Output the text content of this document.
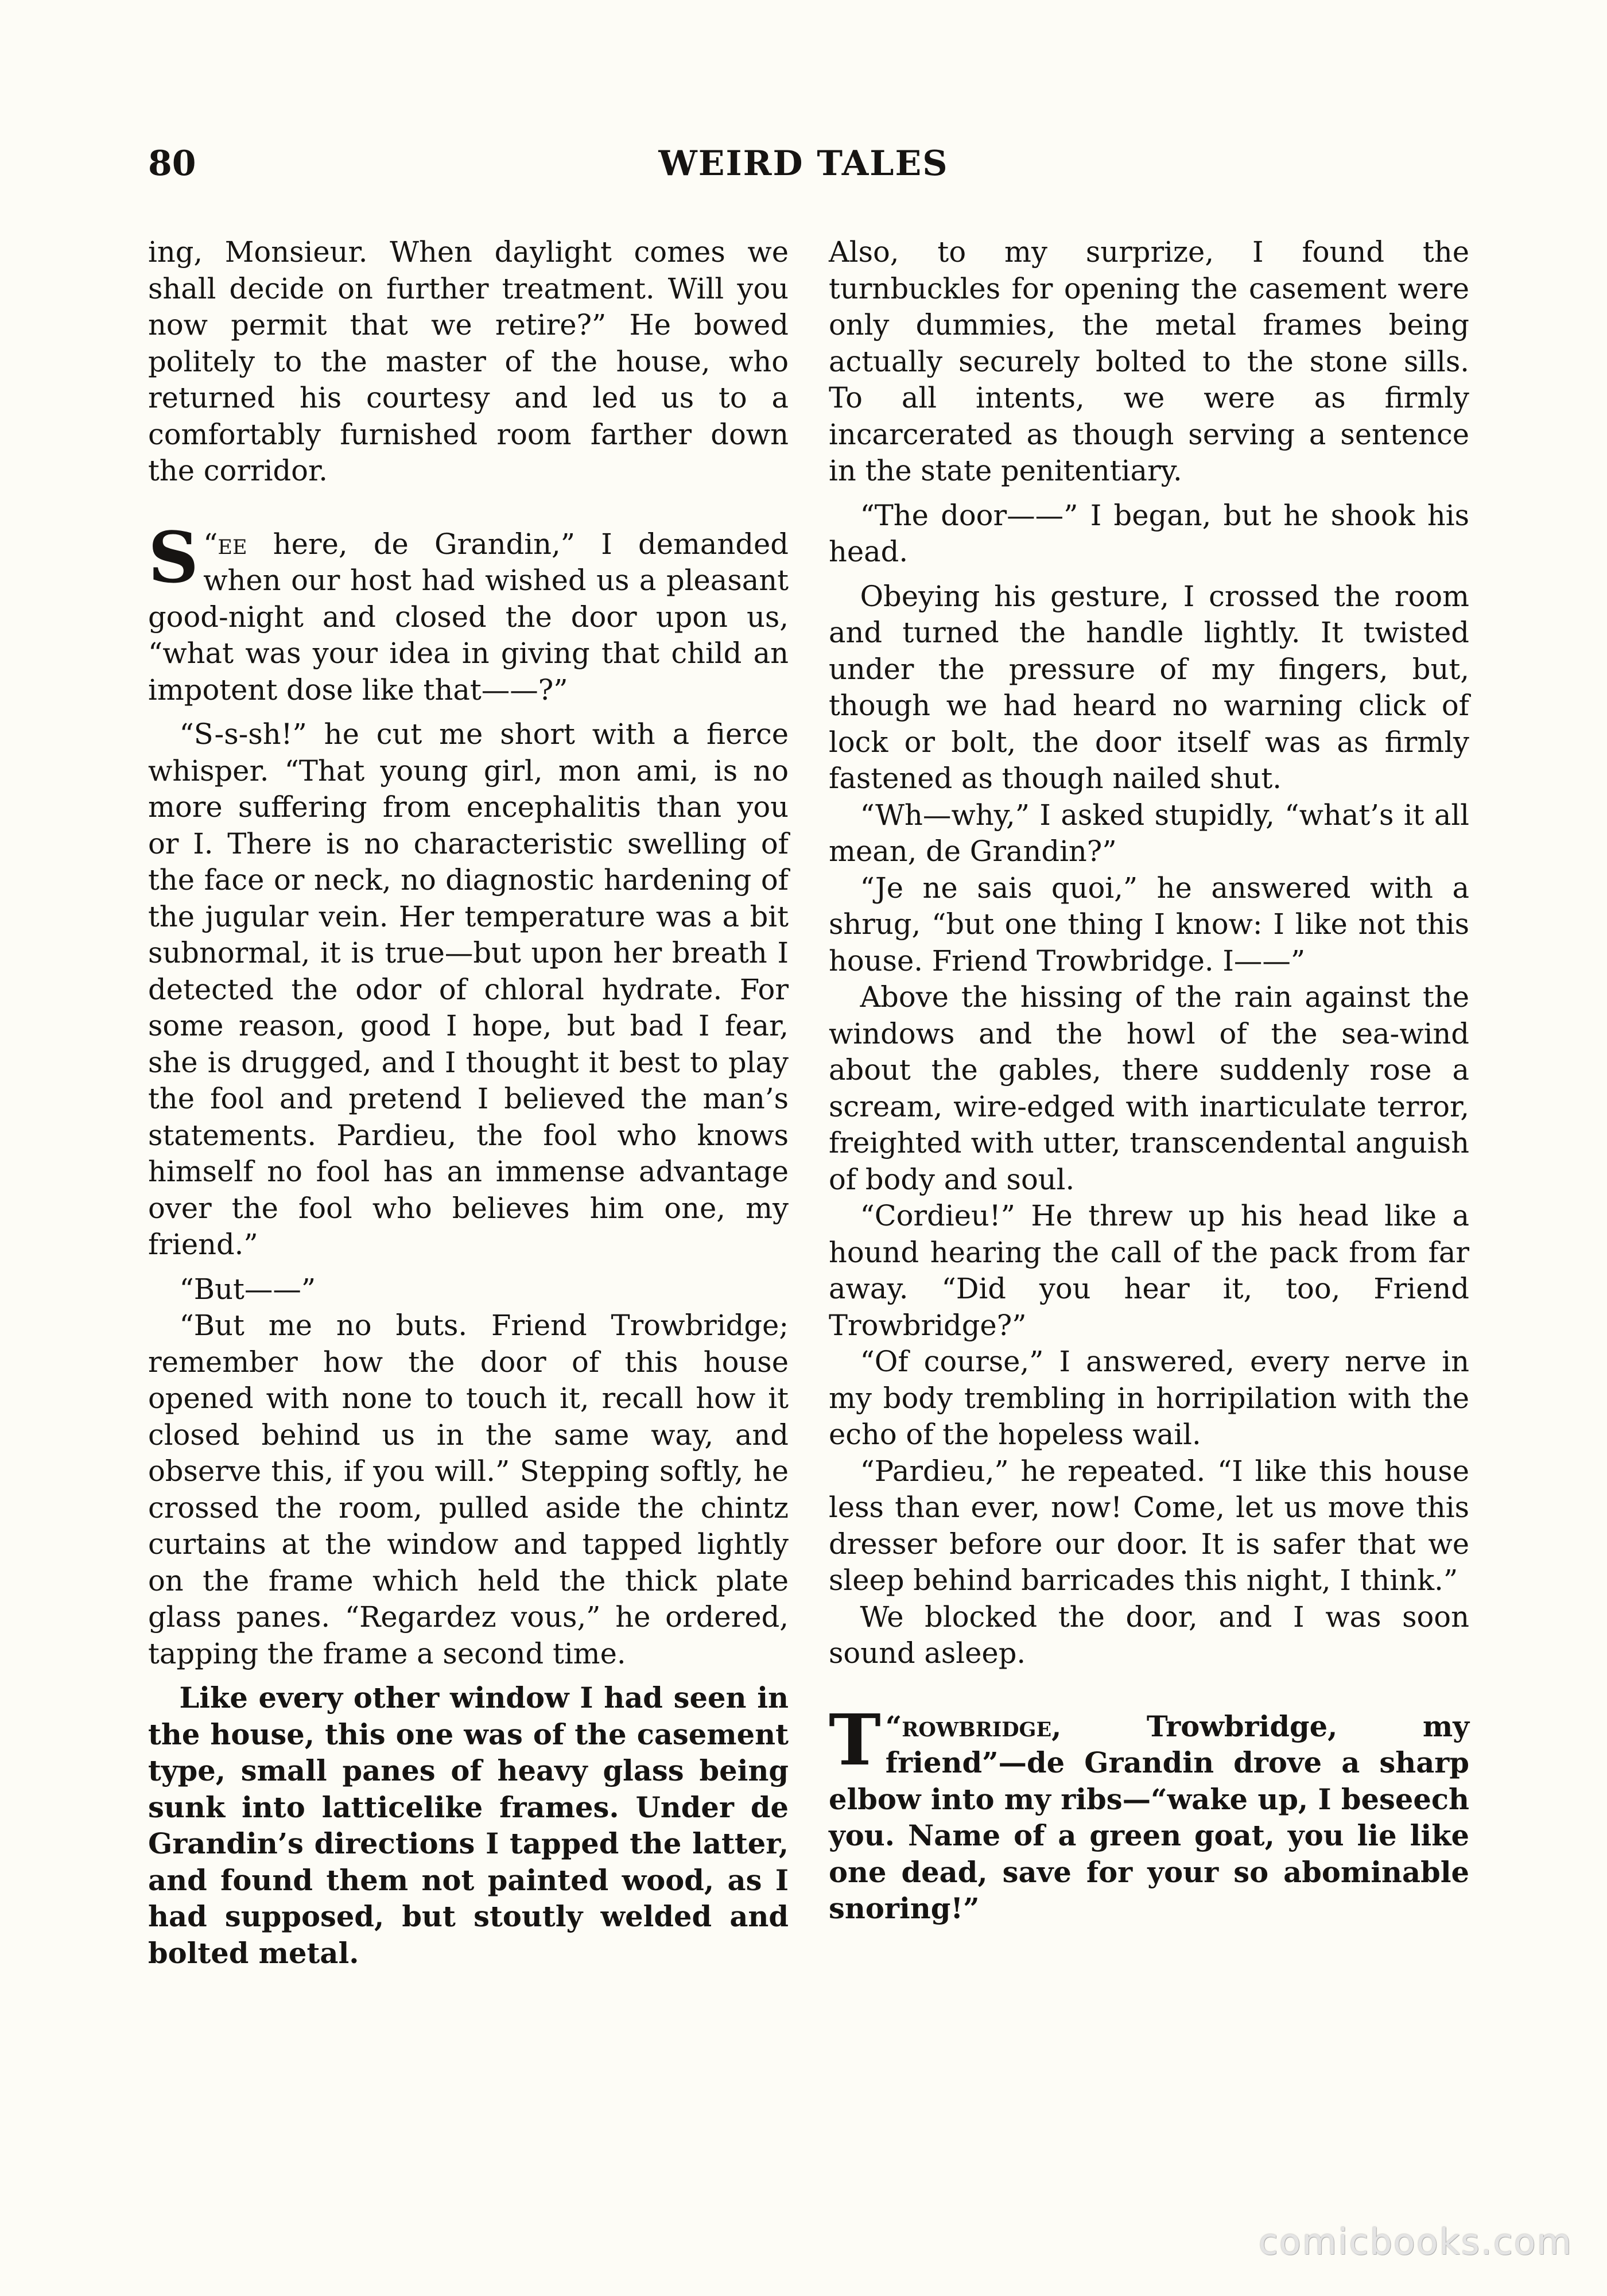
80	WEIRD TALES

ing, Monsieur. When daylight comes we shall decide on further treatment. Will you now permit that we retire?” He bowed politely to the master of the house, who returned his courtesy and led us to a comfortably furnished room farther down the corridor.

“
S ee here, de Grandin,” I demanded when our host had wished us a pleasant good-night and closed the door upon us, “what was your idea in giving that child an impotent dose like that——?”

“S-s-sh!” he cut me short with a fierce whisper. “That young girl, mon ami, is no more suffering from encephalitis than you or I. There is no characteristic swelling of the face or neck, no diagnostic hardening of the jugular vein. Her temperature was a bit subnormal, it is true—but upon her breath I detected the odor of chloral hydrate. For some reason, good I hope, but bad I fear, she is drugged, and I thought it best to play the fool and pretend I believed the man’s statements. Pardieu, the fool who knows himself no fool has an immense advantage over the fool who believes him one, my friend.”

“But——”

“But me no buts. Friend Trowbridge; remember how the door of this house opened with none to touch it, recall how it closed behind us in the same way, and observe this, if you will.” Stepping softly, he crossed the room, pulled aside the chintz curtains at the window and tapped lightly on the frame which held the thick plate glass panes. “Regardez vous,” he ordered, tapping the frame a second time.

Like every other window I had seen in the house, this one was of the casement type, small panes of heavy glass being sunk into latticelike frames. Under de Grandin’s directions I tapped the latter, and found them not painted wood, as I had supposed, but stoutly welded and bolted metal.

Also, to my surprize, I found the turnbuckles for opening the casement were only dummies, the metal frames being actually securely bolted to the stone sills. To all intents, we were as firmly incarcerated as though serving a sentence in the state penitentiary.

“The door——” I began, but he shook his head.

Obeying his gesture, I crossed the room and turned the handle lightly. It twisted under the pressure of my fingers, but, though we had heard no warning click of lock or bolt, the door itself was as firmly fastened as though nailed shut.

“Wh—why,” I asked stupidly, “what’s it all mean, de Grandin?”

“Je ne sais quoi,” he answered with a shrug, “but one thing I know: I like not this house. Friend Trowbridge. I——”

Above the hissing of the rain against the windows and the howl of the sea-wind about the gables, there suddenly rose a scream, wire-edged with inarticulate terror, freighted with utter, transcendental anguish of body and soul.

“Cordieu!” He threw up his head like a hound hearing the call of the pack from far away. “Did you hear it, too, Friend Trowbridge?”

“Of course,” I answered, every nerve in my body trembling in horripilation with the echo of the hopeless wail.

“Pardieu,” he repeated. “I like this house less than ever, now! Come, let us move this dresser before our door. It is safer that we sleep behind barricades this night, I think.”

We blocked the door, and I was soon sound asleep.

“
T rowbridge, Trowbridge, my friend”—de Grandin drove a sharp elbow into my ribs—“wake up, I beseech you. Name of a green goat, you lie like one dead, save for your so abominable snoring!”

comicbooks.com
